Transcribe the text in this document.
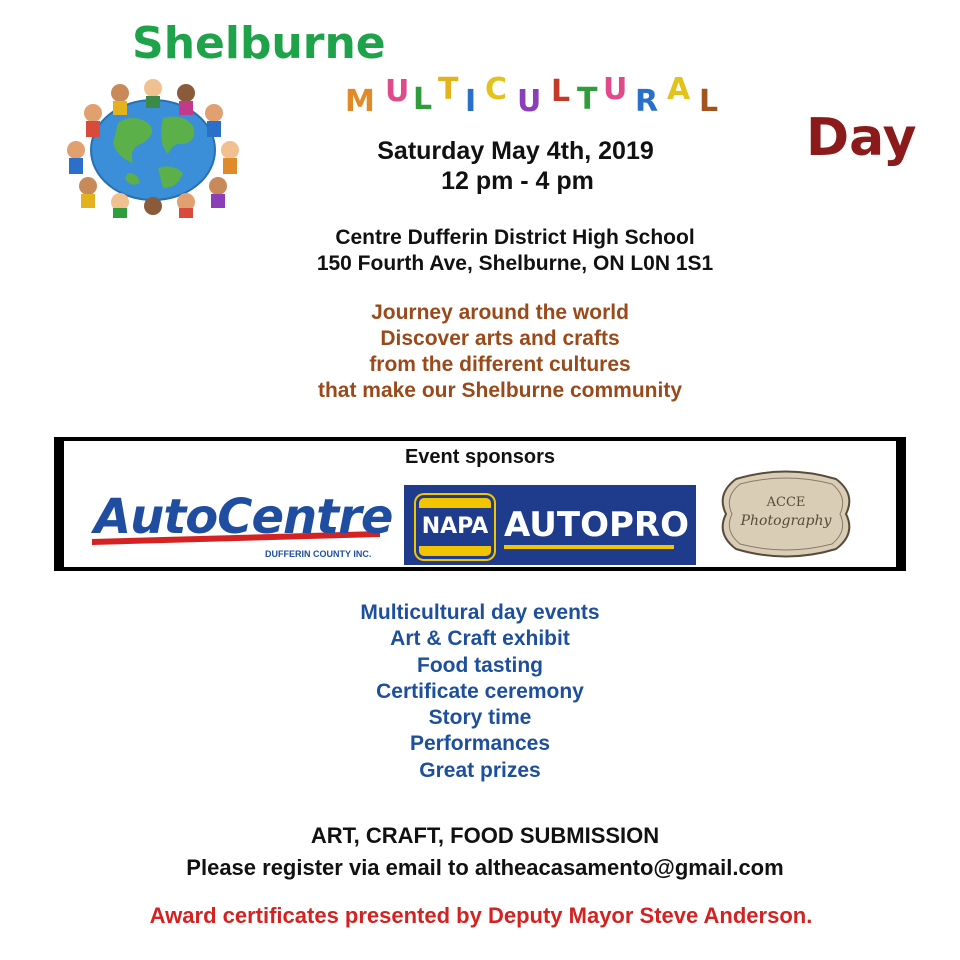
Shelburne
M U L T I C U L T U R A L
Day
Saturday May 4th, 2019
12 pm - 4 pm
Centre Dufferin District High School
150 Fourth Ave, Shelburne, ON L0N 1S1
Journey around the world
Discover arts and crafts
from the different cultures
that make our Shelburne community
Event sponsors
AutoCentre
DUFFERIN COUNTY INC.
NAPA AUTOPRO
ACCE
Photography
Multicultural day events
Art & Craft exhibit
Food tasting
Certificate ceremony
Story time
Performances
Great prizes
ART, CRAFT, FOOD SUBMISSION
Please register via email to altheacasamento@gmail.com
Award certificates presented by Deputy Mayor Steve Anderson.
